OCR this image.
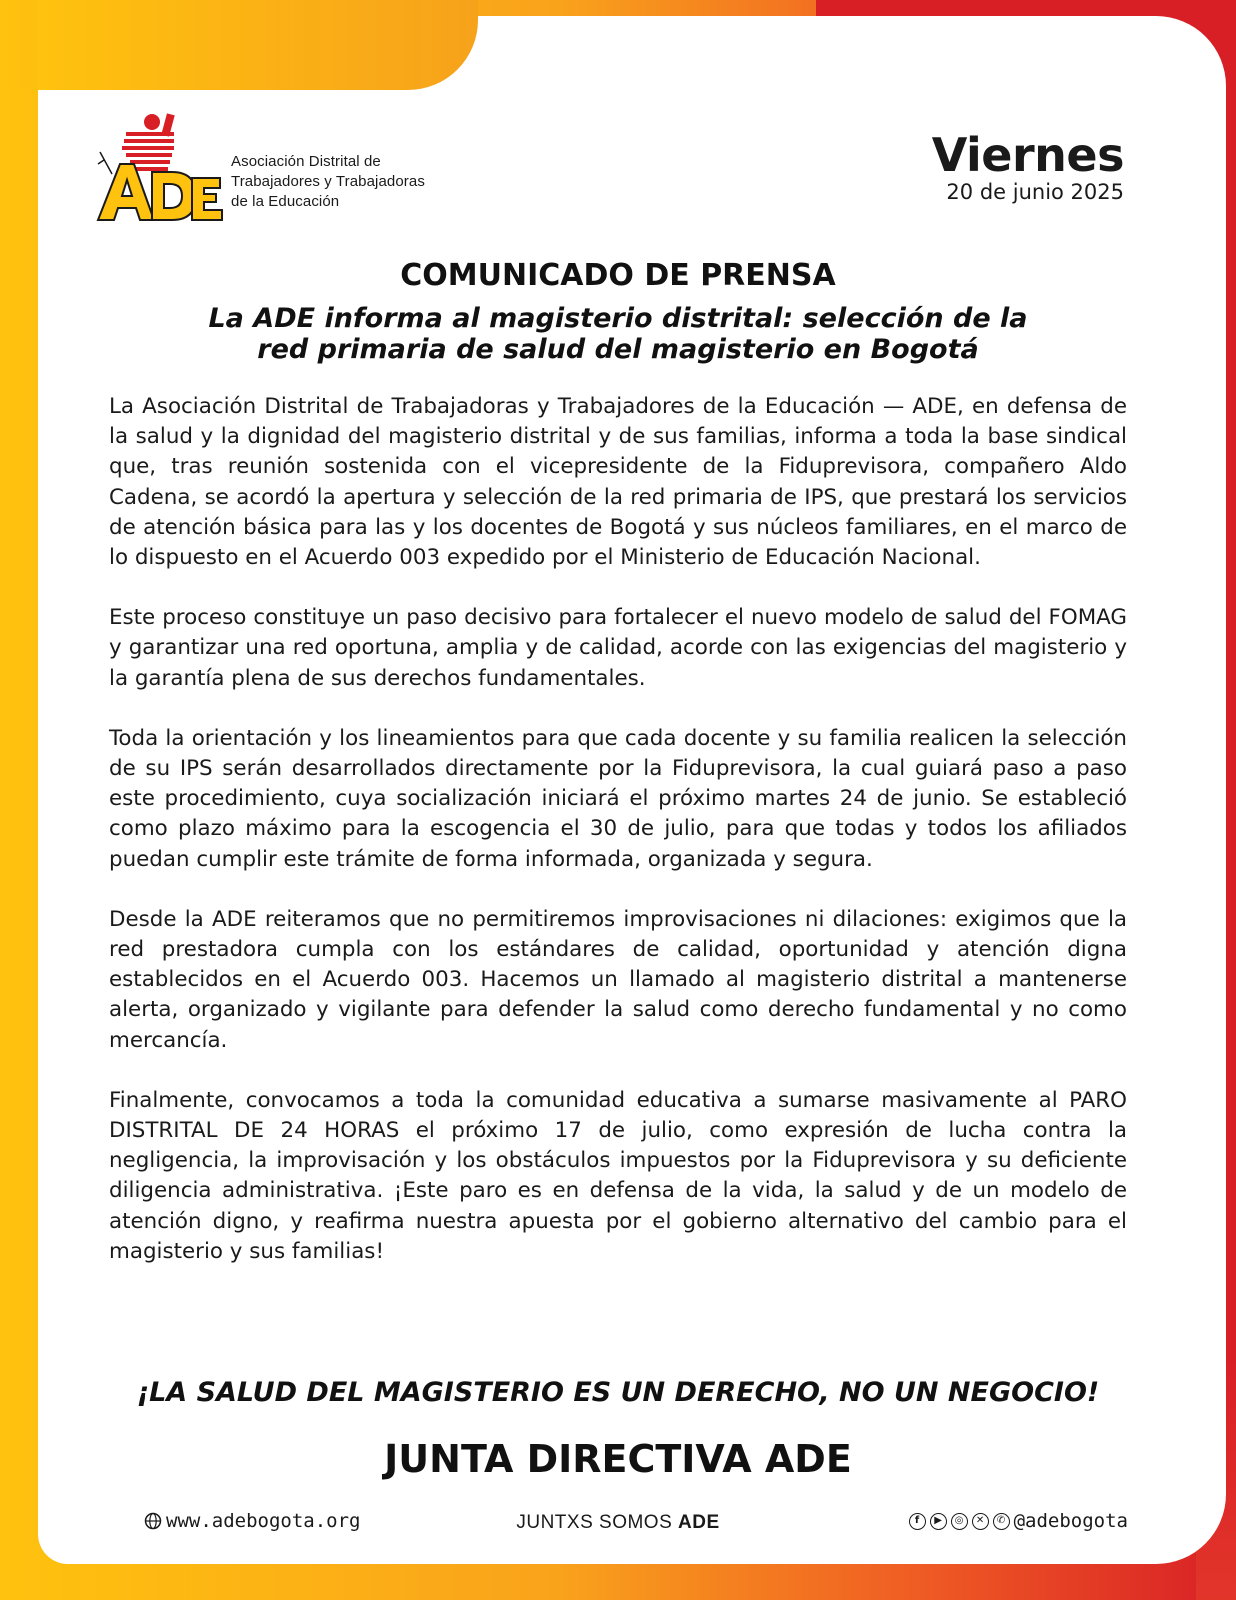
Asociación Distrital de
Trabajadores y Trabajadoras
de la Educación
Viernes
20 de junio 2025
COMUNICADO DE PRENSA
La ADE informa al magisterio distrital: selección de la
red primaria de salud del magisterio en Bogotá

La Asociación Distrital de Trabajadoras y Trabajadores de la Educación — ADE, en defensa de la salud y la dignidad del magisterio distrital y de sus familias, informa a toda la base sindical que, tras reunión sostenida con el vicepresidente de la Fiduprevisora, compañero Aldo Cadena, se acordó la apertura y selección de la red primaria de IPS, que prestará los servicios de atención básica para las y los docentes de Bogotá y sus núcleos familiares, en el marco de lo dispuesto en el Acuerdo 003 expedido por el Ministerio de Educación Nacional.

Este proceso constituye un paso decisivo para fortalecer el nuevo modelo de salud del FOMAG y garantizar una red oportuna, amplia y de calidad, acorde con las exigencias del magisterio y la garantía plena de sus derechos fundamentales.

Toda la orientación y los lineamientos para que cada docente y su familia realicen la selección de su IPS serán desarrollados directamente por la Fiduprevisora, la cual guiará paso a paso este procedimiento, cuya socialización iniciará el próximo martes 24 de junio. Se estableció como plazo máximo para la escogencia el 30 de julio, para que todas y todos los afiliados puedan cumplir este trámite de forma informada, organizada y segura.

Desde la ADE reiteramos que no permitiremos improvisaciones ni dilaciones: exigimos que la red prestadora cumpla con los estándares de calidad, oportunidad y atención digna establecidos en el Acuerdo 003. Hacemos un llamado al magisterio distrital a mantenerse alerta, organizado y vigilante para defender la salud como derecho fundamental y no como mercancía.

Finalmente, convocamos a toda la comunidad educativa a sumarse masivamente al PARO DISTRITAL DE 24 HORAS el próximo 17 de julio, como expresión de lucha contra la negligencia, la improvisación y los obstáculos impuestos por la Fiduprevisora y su deficiente diligencia administrativa. ¡Este paro es en defensa de la vida, la salud y de un modelo de atención digno, y reafirma nuestra apuesta por el gobierno alternativo del cambio para el magisterio y sus familias!

¡LA SALUD DEL MAGISTERIO ES UN DERECHO, NO UN NEGOCIO!
JUNTA DIRECTIVA ADE
www.adebogota.org	JUNTXS SOMOS ADE	f	▶	◎	✕	✆ @adebogota
